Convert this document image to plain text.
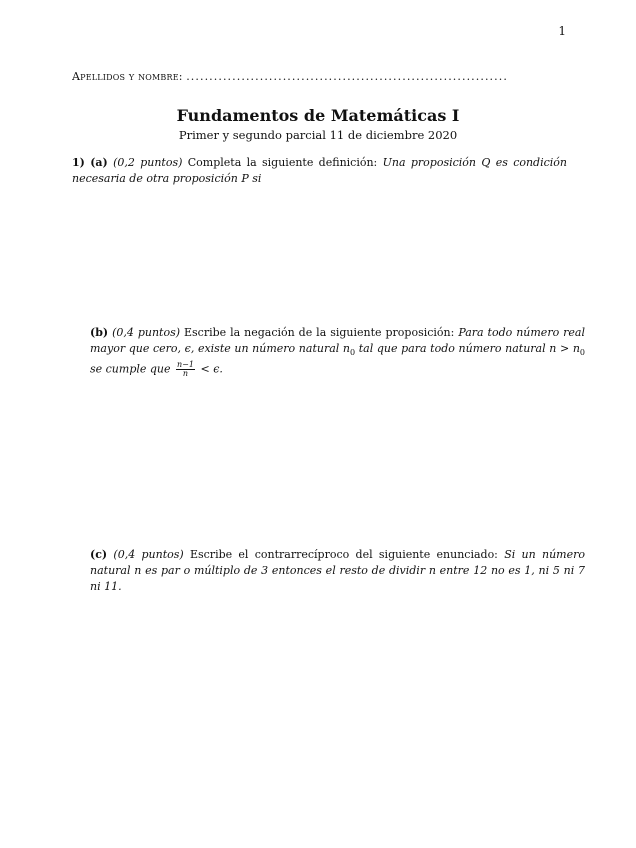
1
Apellidos y nombre: ......................................................................
Fundamentos de Matemáticas I
Primer y segundo parcial 11 de diciembre 2020
1) (a) (0,2 puntos) Completa la siguiente definición: Una proposición Q es condición necesaria de otra proposición P si
(b) (0,4 puntos) Escribe la negación de la siguiente proposición: Para todo número real mayor que cero, ϵ, existe un número natural $n_0$ tal que para todo número natural $n > n_0$ se cumple que $\frac{n-1}{n} < \epsilon$.
(c) (0,4 puntos) Escribe el contrarrecíproco del siguiente enunciado: Si un número natural n es par o múltiplo de 3 entonces el resto de dividir n entre 12 no es 1, ni 5 ni 7 ni 11.
